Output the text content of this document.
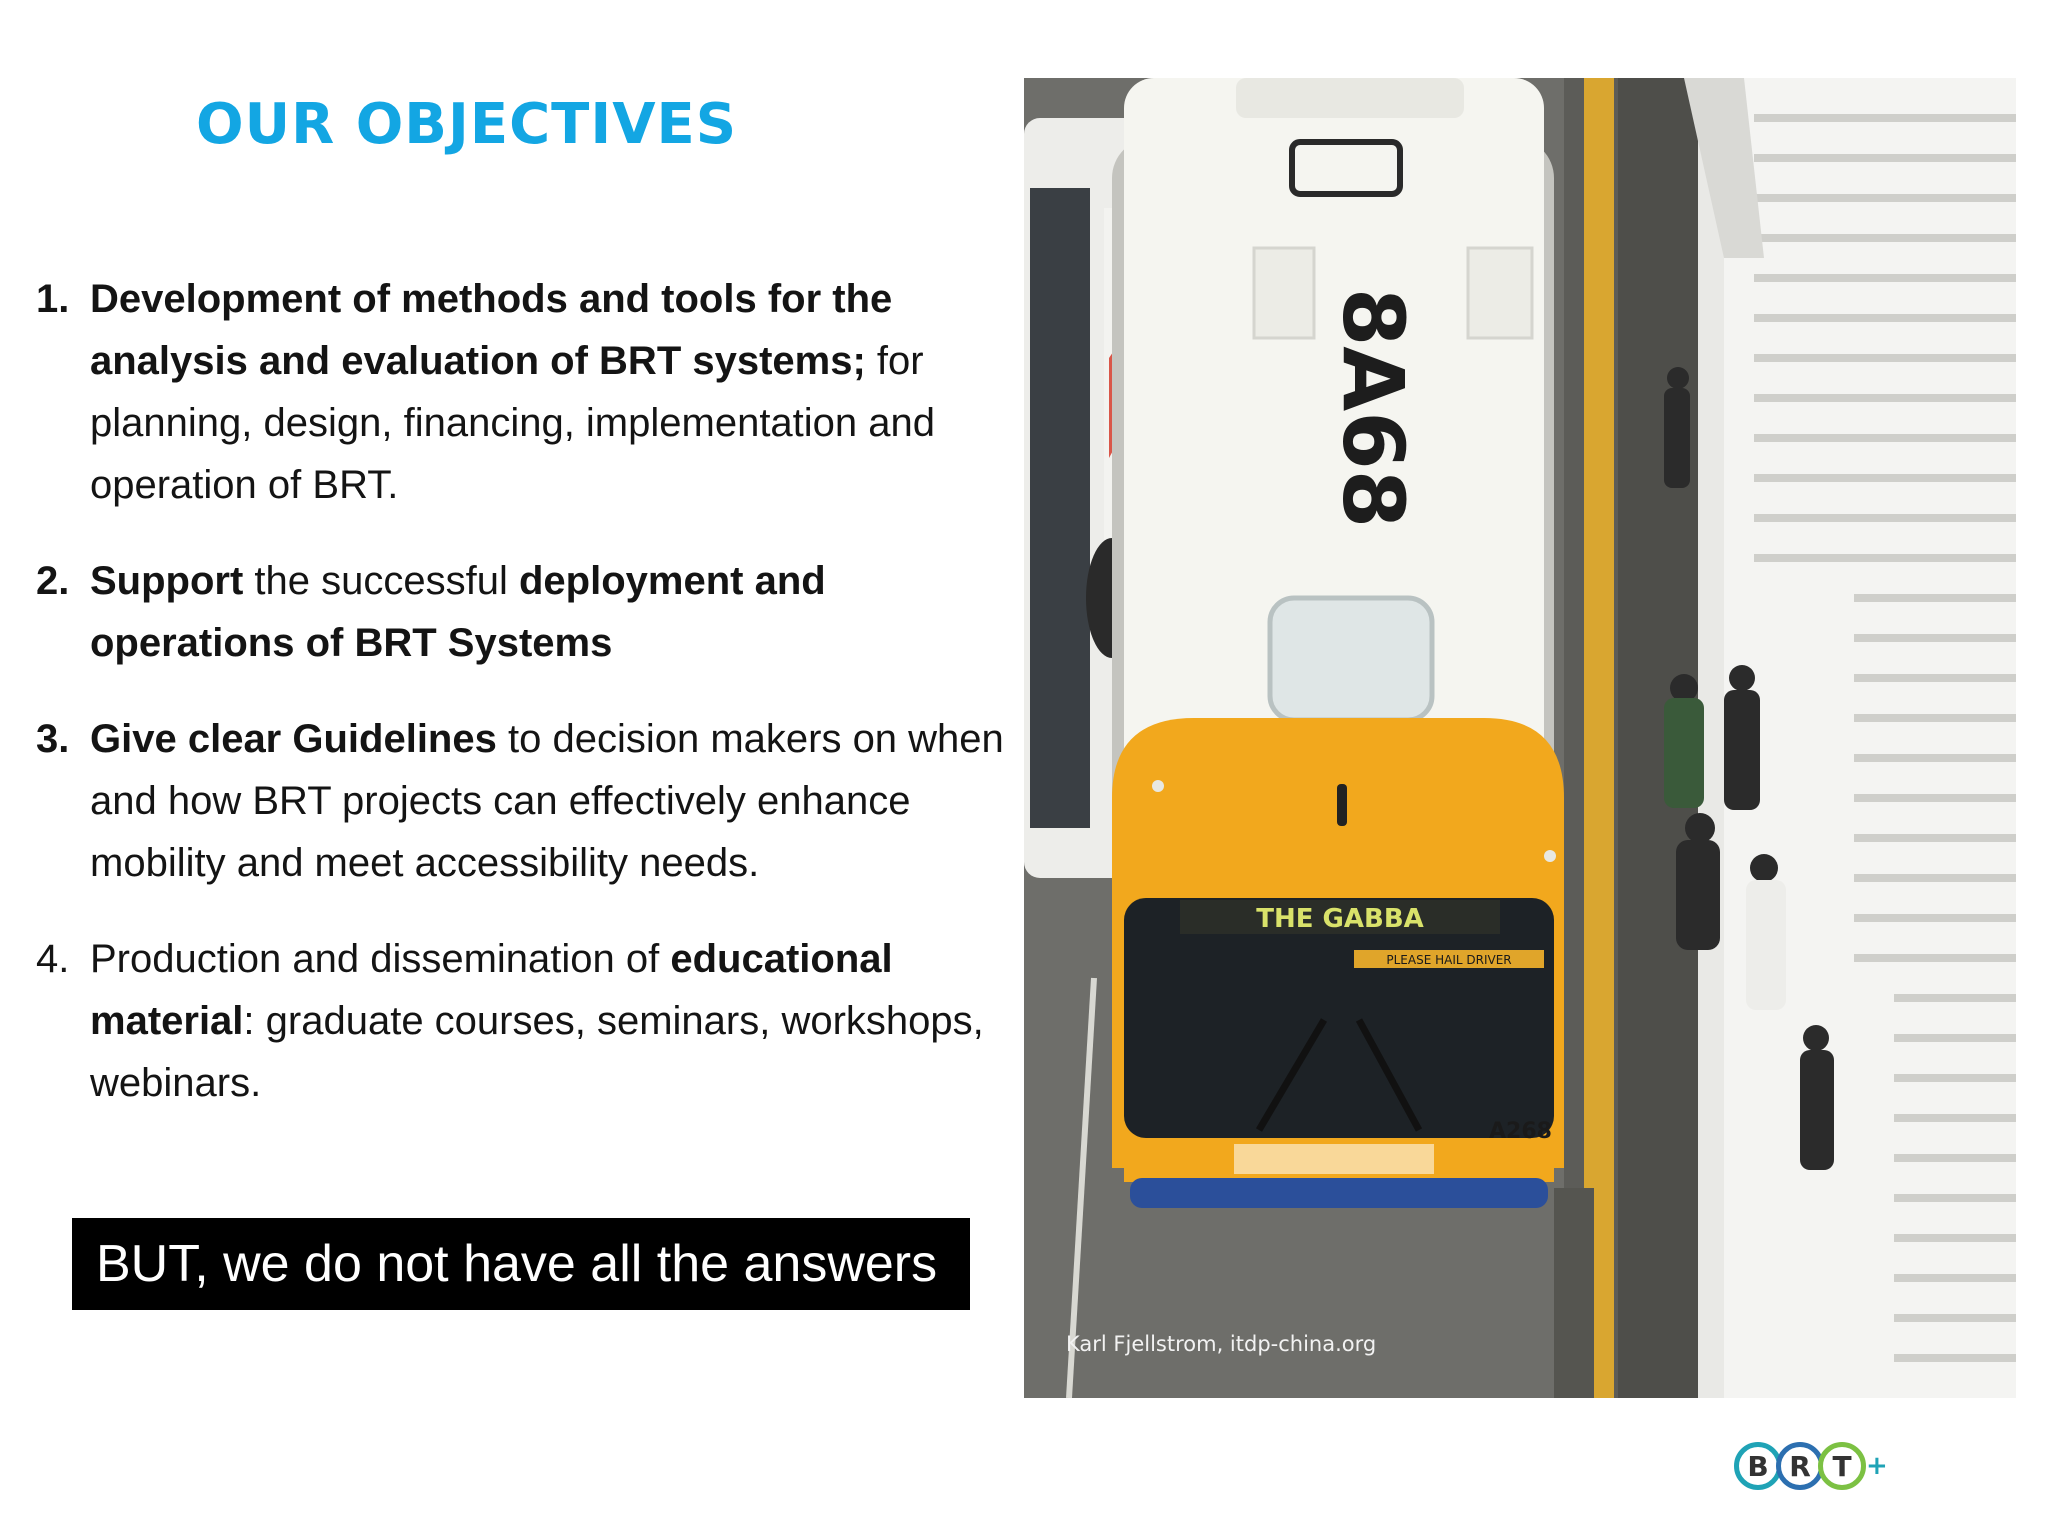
OUR OBJECTIVES
1. Development of methods and tools for the analysis and evaluation of BRT systems; for planning, design, financing, implementation and operation of BRT.
2. Support the successful deployment and operations of BRT Systems
3. Give clear Guidelines to decision makers on when and how BRT projects can effectively enhance mobility and meet accessibility needs.
4. Production and dissemination of educational material: graduate courses, seminars, workshops, webinars.
BUT, we do not have all the answers
8A68
THE GABBA
PLEASE HAIL DRIVER
A268
Karl Fjellstrom, itdp-china.org
B R T +
